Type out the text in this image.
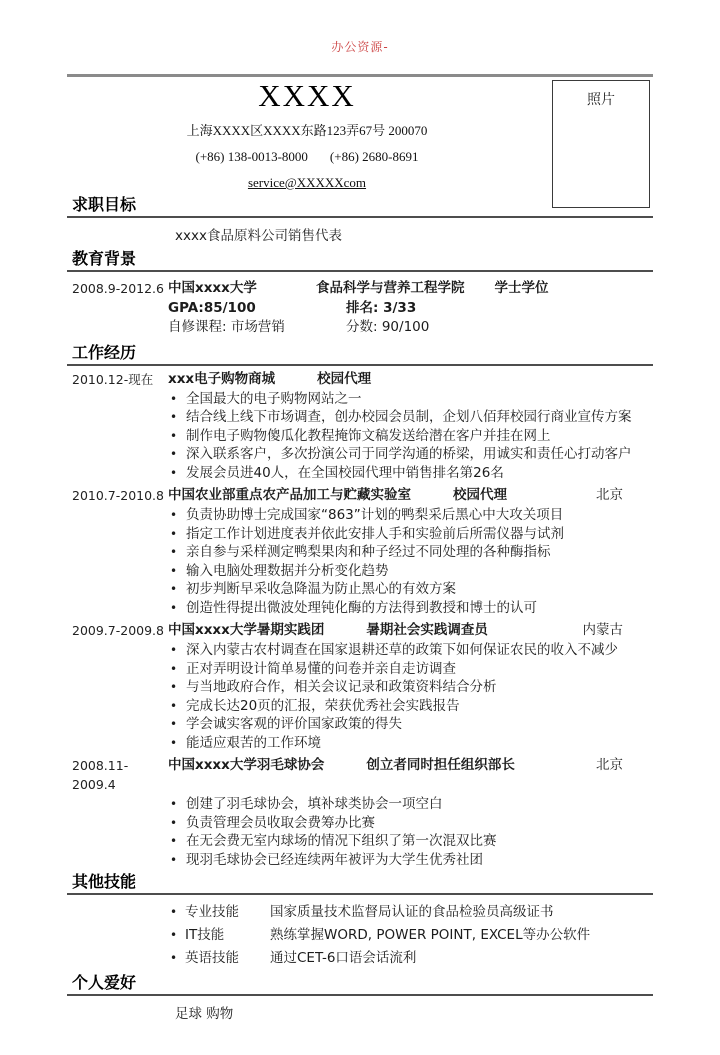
办公资源-
XXXX
上海XXXX区XXXX东路123弄67号 200070
(+86) 138-0013-8000 (+86) 2680-8691
service@XXXXXcom
照片
求职目标
xxxx食品原料公司销售代表
教育背景
2008.9-2012.6 中国xxxx大学	食品科学与营养工程学院 学士学位
GPA:85/100	排名: 3/33
自修课程: 市场营销	分数: 90/100
工作经历
2010.12-现在	xxx电子购物商城	校园代理
• 全国最大的电子购物网站之一
• 结合线上线下市场调查，创办校园会员制，企划八佰拜校园行商业宣传方案
• 制作电子购物傻瓜化教程掩饰文稿发送给潜在客户并挂在网上
• 深入联系客户，多次扮演公司于同学沟通的桥梁，用诚实和责任心打动客户
• 发展会员进40人，在全国校园代理中销售排名第26名
2010.7-2010.8 中国农业部重点农产品加工与贮藏实验室	校园代理	北京
• 负责协助博士完成国家“863”计划的鸭梨采后黑心中大攻关项目
• 指定工作计划进度表并依此安排人手和实验前后所需仪器与试剂
• 亲自参与采样测定鸭梨果肉和种子经过不同处理的各种酶指标
• 输入电脑处理数据并分析变化趋势
• 初步判断早采收急降温为防止黑心的有效方案
• 创造性得提出微波处理钝化酶的方法得到教授和博士的认可
2009.7-2009.8 中国xxxx大学暑期实践团	暑期社会实践调查员	内蒙古
• 深入内蒙古农村调查在国家退耕还草的政策下如何保证农民的收入不减少
• 正对弄明设计简单易懂的问卷并亲自走访调查
• 与当地政府合作，相关会议记录和政策资料结合分析
• 完成长达20页的汇报，荣获优秀社会实践报告
• 学会诚实客观的评价国家政策的得失
• 能适应艰苦的工作环境
2008.11-2009.4
中国xxxx大学羽毛球协会	创立者同时担任组织部长	北京
• 创建了羽毛球协会，填补球类协会一项空白
• 负责管理会员收取会费筹办比赛
• 在无会费无室内球场的情况下组织了第一次混双比赛
• 现羽毛球协会已经连续两年被评为大学生优秀社团
其他技能
• 专业技能	国家质量技术监督局认证的食品检验员高级证书
• IT技能	熟练掌握WORD, POWER POINT, EXCEL等办公软件
• 英语技能	通过CET-6口语会话流利
个人爱好
足球 购物
